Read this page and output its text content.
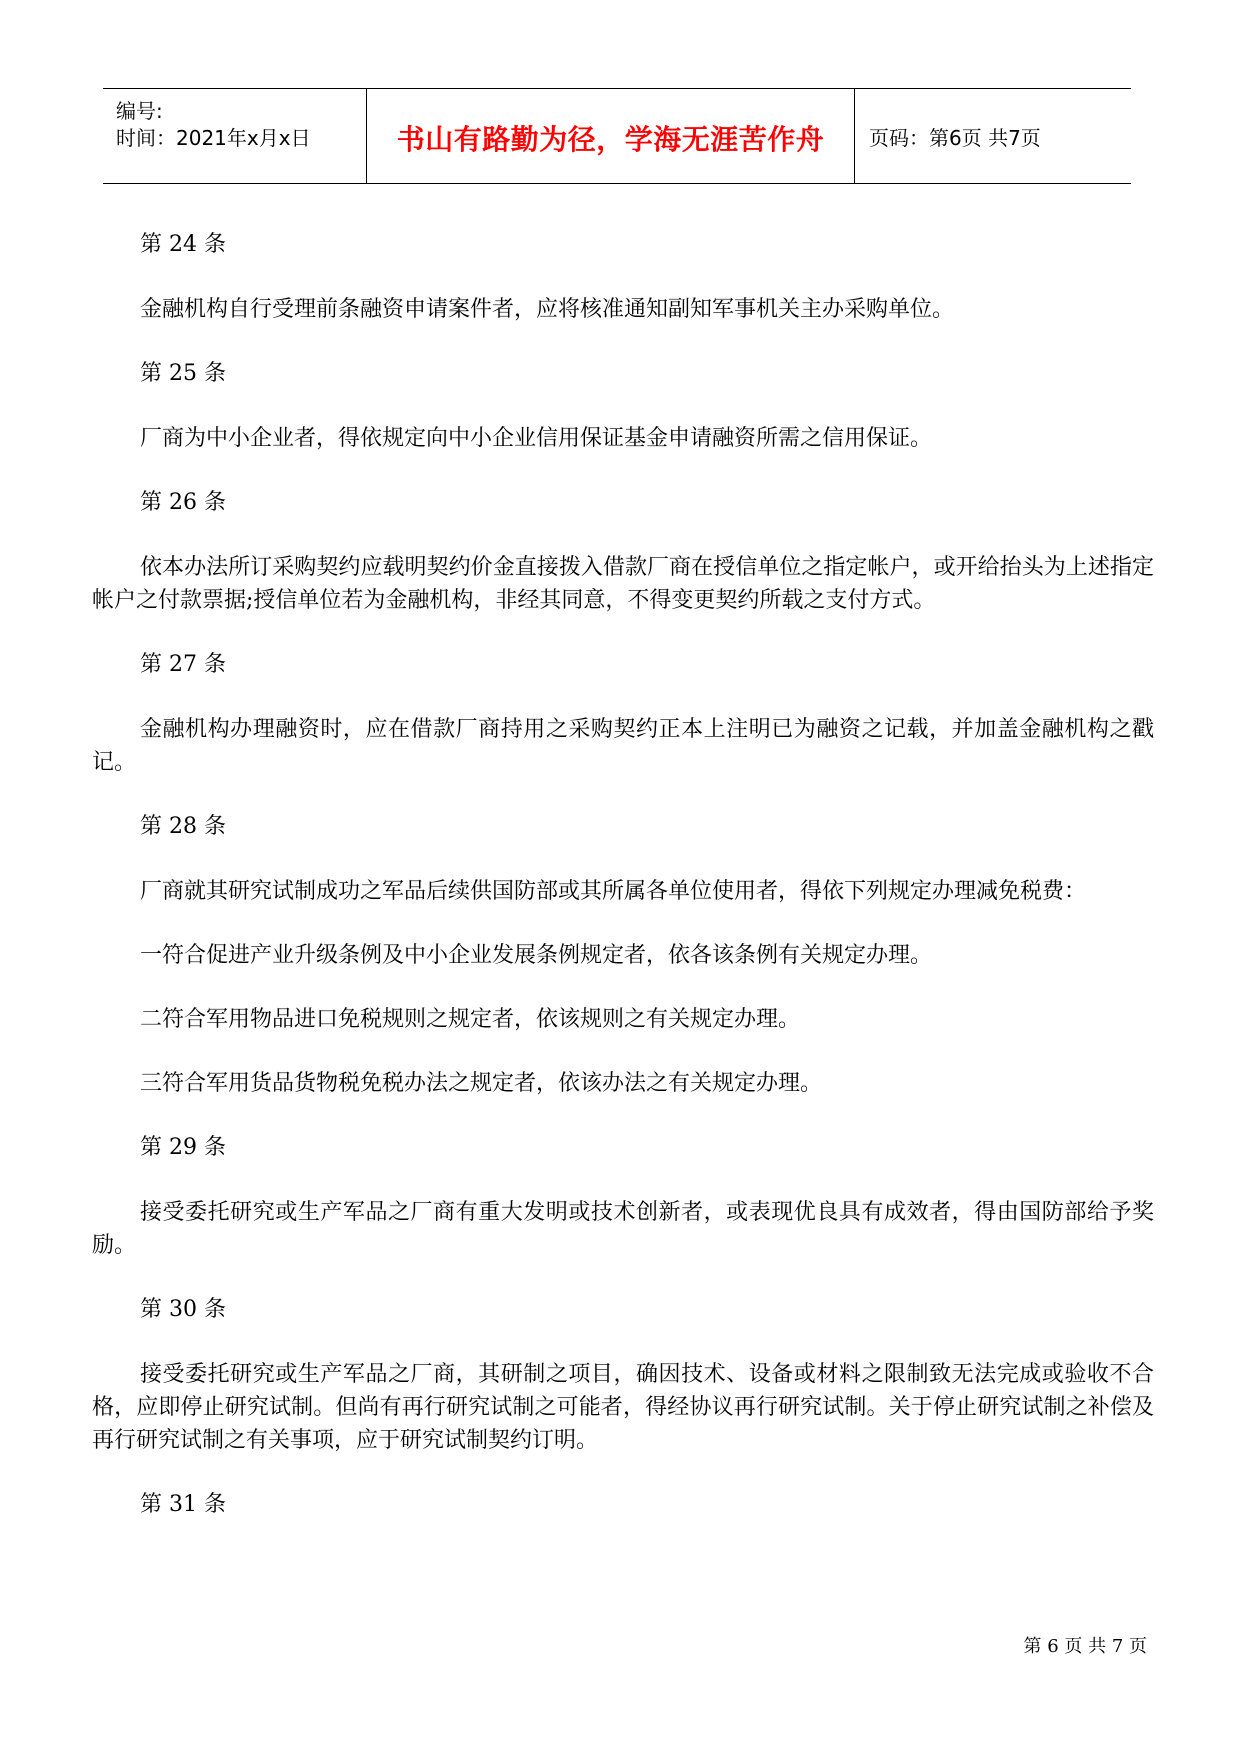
编号:
时间：2021年x月x日	书山有路勤为径，学海无涯苦作舟	页码：第6页 共7页

第 24 条

金融机构自行受理前条融资申请案件者，应将核准通知副知军事机关主办采购单位。

第 25 条

厂商为中小企业者，得依规定向中小企业信用保证基金申请融资所需之信用保证。

第 26 条

依本办法所订采购契约应载明契约价金直接拨入借款厂商在授信单位之指定帐户，或开给抬头为上述指定帐户之付款票据;授信单位若为金融机构，非经其同意，不得变更契约所载之支付方式。

第 27 条

金融机构办理融资时，应在借款厂商持用之采购契约正本上注明已为融资之记载，并加盖金融机构之戳记。

第 28 条

厂商就其研究试制成功之军品后续供国防部或其所属各单位使用者，得依下列规定办理减免税费：

一符合促进产业升级条例及中小企业发展条例规定者，依各该条例有关规定办理。

二符合军用物品进口免税规则之规定者，依该规则之有关规定办理。

三符合军用货品货物税免税办法之规定者，依该办法之有关规定办理。

第 29 条

接受委托研究或生产军品之厂商有重大发明或技术创新者，或表现优良具有成效者，得由国防部给予奖励。

第 30 条

接受委托研究或生产军品之厂商，其研制之项目，确因技术、设备或材料之限制致无法完成或验收不合格，应即停止研究试制。但尚有再行研究试制之可能者，得经协议再行研究试制。关于停止研究试制之补偿及再行研究试制之有关事项，应于研究试制契约订明。

第 31 条

第 6 页 共 7 页
